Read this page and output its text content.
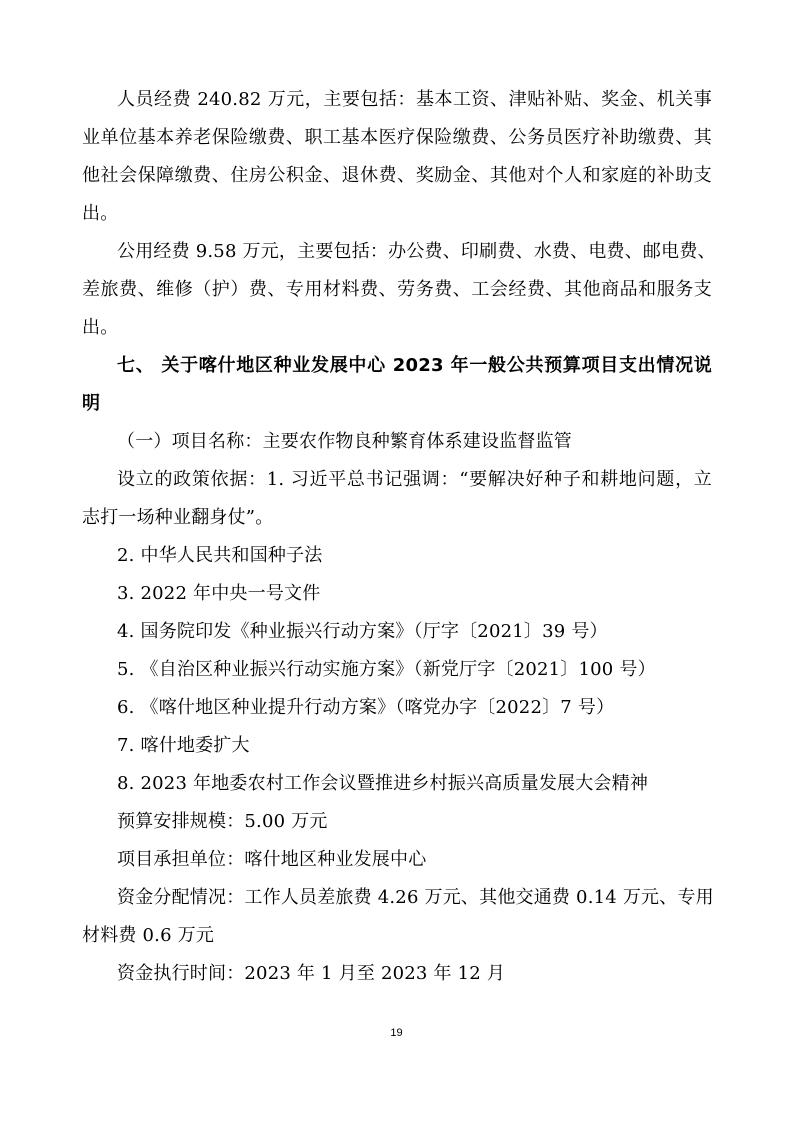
人员经费 240.82 万元，主要包括：基本工资、津贴补贴、奖金、机关事
业单位基本养老保险缴费、职工基本医疗保险缴费、公务员医疗补助缴费、其
他社会保障缴费、住房公积金、退休费、奖励金、其他对个人和家庭的补助支
出。
公用经费 9.58 万元，主要包括：办公费、印刷费、水费、电费、邮电费、
差旅费、维修（护）费、专用材料费、劳务费、工会经费、其他商品和服务支
出。
七、 关于喀什地区种业发展中心 2023 年一般公共预算项目支出情况说
明
（一）项目名称：主要农作物良种繁育体系建设监督监管
设立的政策依据：1. 习近平总书记强调：“要解决好种子和耕地问题，立
志打一场种业翻身仗”。
2. 中华人民共和国种子法
3. 2022 年中央一号文件
4. 国务院印发《种业振兴行动方案》（厅字〔2021〕39 号）
5. 《自治区种业振兴行动实施方案》（新党厅字〔2021〕100 号）
6. 《喀什地区种业提升行动方案》（喀党办字〔2022〕7 号）
7. 喀什地委扩大
8. 2023 年地委农村工作会议暨推进乡村振兴高质量发展大会精神
预算安排规模：5.00 万元
项目承担单位：喀什地区种业发展中心
资金分配情况：工作人员差旅费 4.26 万元、其他交通费 0.14 万元、专用
材料费 0.6 万元
资金执行时间：2023 年 1 月至 2023 年 12 月
19
